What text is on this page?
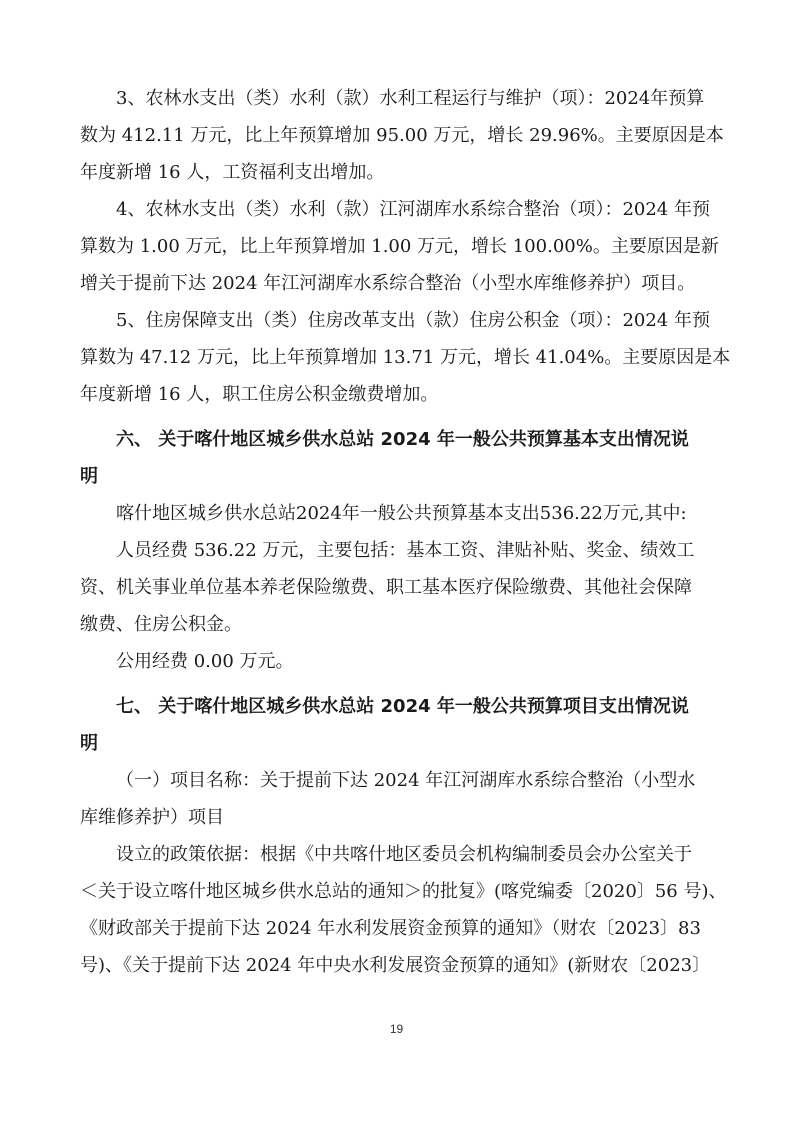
3、农林水支出（类）水利（款）水利工程运行与维护（项）：2024年预算
数为 412.11 万元，比上年预算增加 95.00 万元，增长 29.96%。主要原因是本
年度新增 16 人，工资福利支出增加。

4、农林水支出（类）水利（款）江河湖库水系综合整治（项）：2024 年预
算数为 1.00 万元，比上年预算增加 1.00 万元，增长 100.00%。主要原因是新
增关于提前下达 2024 年江河湖库水系综合整治（小型水库维修养护）项目。

5、住房保障支出（类）住房改革支出（款）住房公积金（项）：2024 年预
算数为 47.12 万元，比上年预算增加 13.71 万元，增长 41.04%。主要原因是本
年度新增 16 人，职工住房公积金缴费增加。

六、 关于喀什地区城乡供水总站 2024 年一般公共预算基本支出情况说
明

喀什地区城乡供水总站2024年一般公共预算基本支出536.22万元,其中:
人员经费 536.22 万元，主要包括：基本工资、津贴补贴、奖金、绩效工
资、机关事业单位基本养老保险缴费、职工基本医疗保险缴费、其他社会保障
缴费、住房公积金。

公用经费 0.00 万元。

七、 关于喀什地区城乡供水总站 2024 年一般公共预算项目支出情况说
明

（一）项目名称：关于提前下达 2024 年江河湖库水系综合整治（小型水
库维修养护）项目

设立的政策依据：根据《中共喀什地区委员会机构编制委员会办公室关于
＜关于设立喀什地区城乡供水总站的通知＞的批复》(喀党编委〔2020〕56 号)、
《财政部关于提前下达 2024 年水利发展资金预算的通知》（财农〔2023〕83
号)、《关于提前下达 2024 年中央水利发展资金预算的通知》(新财农〔2023〕

19
